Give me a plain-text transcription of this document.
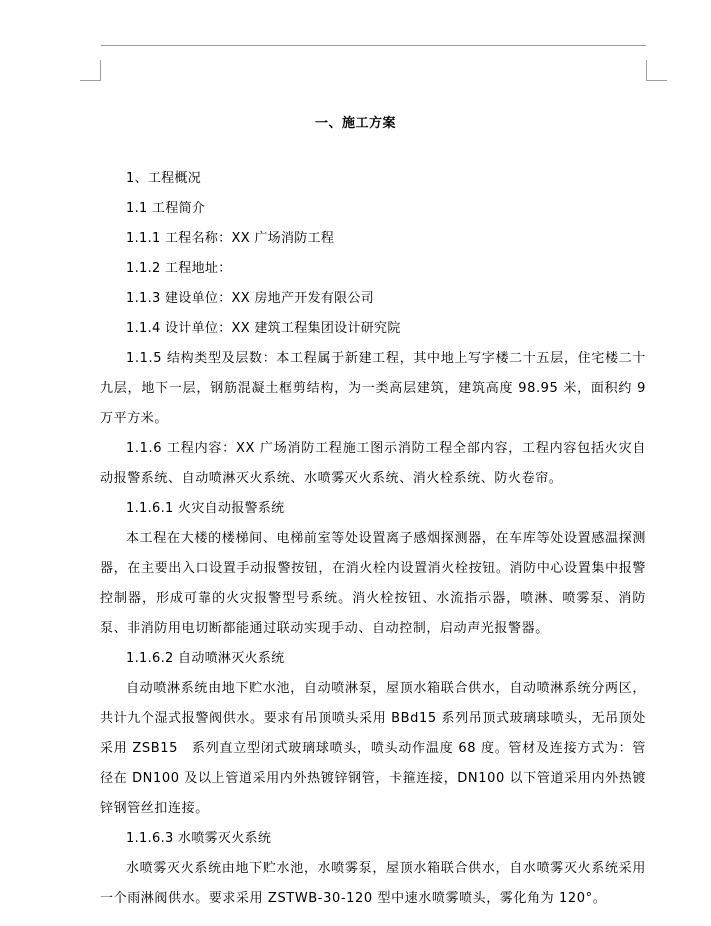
一、施工方案

1、工程概况

1.1 工程简介

1.1.1 工程名称：XX 广场消防工程

1.1.2 工程地址：

1.1.3 建设单位：XX 房地产开发有限公司

1.1.4 设计单位：XX 建筑工程集团设计研究院

1.1.5 结构类型及层数：本工程属于新建工程，其中地上写字楼二十五层，住宅楼二十九层，地下一层，钢筋混凝土框剪结构，为一类高层建筑，建筑高度 98.95 米，面积约 9 万平方米。

1.1.6 工程内容：XX 广场消防工程施工图示消防工程全部内容，工程内容包括火灾自动报警系统、自动喷淋灭火系统、水喷雾灭火系统、消火栓系统、防火卷帘。

1.1.6.1 火灾自动报警系统

本工程在大楼的楼梯间、电梯前室等处设置离子感烟探测器，在车库等处设置感温探测器，在主要出入口设置手动报警按钮，在消火栓内设置消火栓按钮。消防中心设置集中报警控制器，形成可靠的火灾报警型号系统。消火栓按钮、水流指示器，喷淋、喷雾泵、消防泵、非消防用电切断都能通过联动实现手动、自动控制，启动声光报警器。

1.1.6.2 自动喷淋灭火系统

自动喷淋系统由地下贮水池，自动喷淋泵，屋顶水箱联合供水，自动喷淋系统分两区，共计九个湿式报警阀供水。要求有吊顶喷头采用 BBd15 系列吊顶式玻璃球喷头，无吊顶处采用 ZSB15　系列直立型闭式玻璃球喷头，喷头动作温度 68 度。管材及连接方式为：管径在 DN100 及以上管道采用内外热镀锌钢管，卡箍连接，DN100 以下管道采用内外热镀锌钢管丝扣连接。

1.1.6.3 水喷雾灭火系统

水喷雾灭火系统由地下贮水池，水喷雾泵，屋顶水箱联合供水，自水喷雾灭火系统采用一个雨淋阀供水。要求采用 ZSTWB-30-120 型中速水喷雾喷头，雾化角为 120°。
